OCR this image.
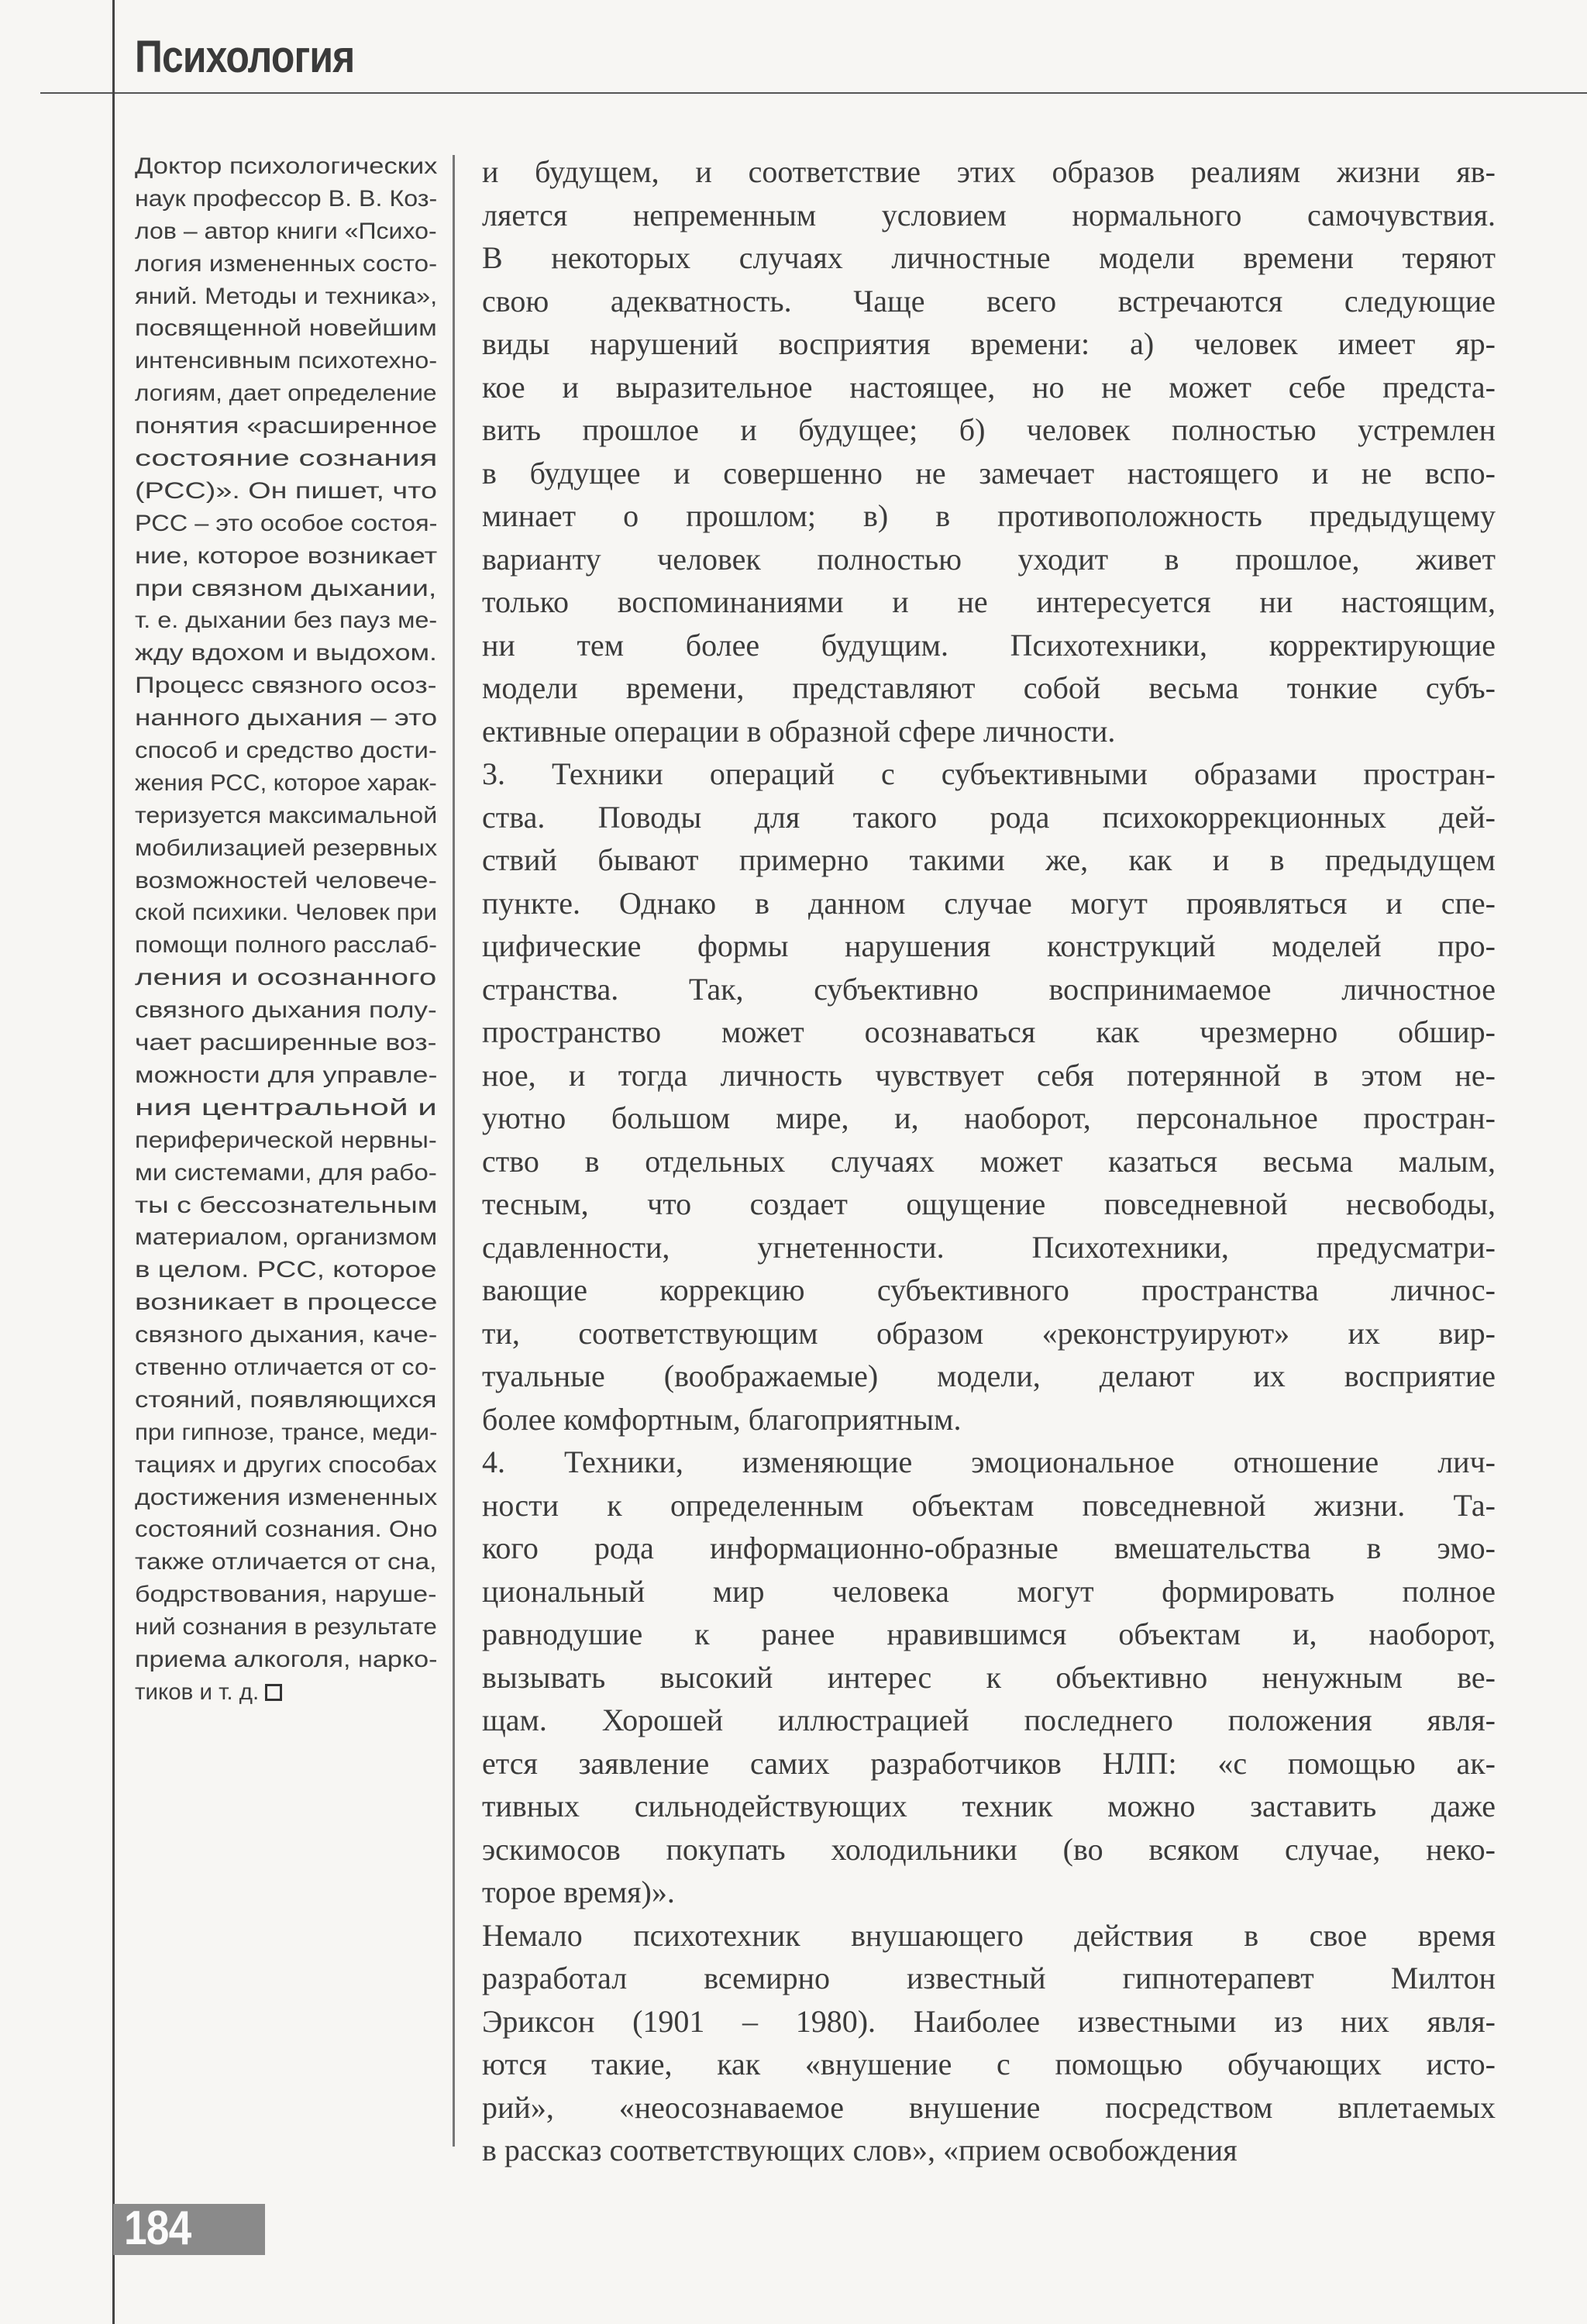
Психология
Доктор психологических
наук профессор В. В. Коз-
лов – автор книги «Психо-
логия измененных состо-
яний. Методы и техника»,
посвященной новейшим
интенсивным психотехно-
логиям, дает определение
понятия «расширенное
состояние сознания
(РСС)». Он пишет, что
РСС – это особое состоя-
ние, которое возникает
при связном дыхании,
т. е. дыхании без пауз ме-
жду вдохом и выдохом.
Процесс связного осоз-
нанного дыхания – это
способ и средство дости-
жения РСС, которое харак-
теризуется максимальной
мобилизацией резервных
возможностей человече-
ской психики. Человек при
помощи полного расслаб-
ления и осознанного
связного дыхания полу-
чает расширенные воз-
можности для управле-
ния центральной и
периферической нервны-
ми системами, для рабо-
ты с бессознательным
материалом, организмом
в целом. РСС, которое
возникает в процессе
связного дыхания, каче-
ственно отличается от со-
стояний, появляющихся
при гипнозе, трансе, меди-
тациях и других способах
достижения измененных
состояний сознания. Оно
также отличается от сна,
бодрствования, наруше-
ний сознания в результате
приема алкоголя, нарко-
тиков и т. д.
и будущем, и соответствие этих образов реалиям жизни яв-
ляется непременным условием нормального самочувствия.
В некоторых случаях личностные модели времени теряют
свою адекватность. Чаще всего встречаются следующие
виды нарушений восприятия времени: а) человек имеет яр-
кое и выразительное настоящее, но не может себе предста-
вить прошлое и будущее; б) человек полностью устремлен
в будущее и совершенно не замечает настоящего и не вспо-
минает о прошлом; в) в противоположность предыдущему
варианту человек полностью уходит в прошлое, живет
только воспоминаниями и не интересуется ни настоящим,
ни тем более будущим. Психотехники, корректирующие
модели времени, представляют собой весьма тонкие субъ-
ективные операции в образной сфере личности.
3. Техники операций с субъективными образами простран-
ства. Поводы для такого рода психокоррекционных дей-
ствий бывают примерно такими же, как и в предыдущем
пункте. Однако в данном случае могут проявляться и спе-
цифические формы нарушения конструкций моделей про-
странства. Так, субъективно воспринимаемое личностное
пространство может осознаваться как чрезмерно обшир-
ное, и тогда личность чувствует себя потерянной в этом не-
уютно большом мире, и, наоборот, персональное простран-
ство в отдельных случаях может казаться весьма малым,
тесным, что создает ощущение повседневной несвободы,
сдавленности, угнетенности. Психотехники, предусматри-
вающие коррекцию субъективного пространства личнос-
ти, соответствующим образом «реконструируют» их вир-
туальные (воображаемые) модели, делают их восприятие
более комфортным, благоприятным.
4. Техники, изменяющие эмоциональное отношение лич-
ности к определенным объектам повседневной жизни. Та-
кого рода информационно-образные вмешательства в эмо-
циональный мир человека могут формировать полное
равнодушие к ранее нравившимся объектам и, наоборот,
вызывать высокий интерес к объективно ненужным ве-
щам. Хорошей иллюстрацией последнего положения явля-
ется заявление самих разработчиков НЛП: «с помощью ак-
тивных сильнодействующих техник можно заставить даже
эскимосов покупать холодильники (во всяком случае, неко-
торое время)».
Немало психотехник внушающего действия в свое время
разработал всемирно известный гипнотерапевт Милтон
Эриксон (1901 – 1980). Наиболее известными из них явля-
ются такие, как «внушение с помощью обучающих исто-
рий», «неосознаваемое внушение посредством вплетаемых
в рассказ соответствующих слов», «прием освобождения
184
